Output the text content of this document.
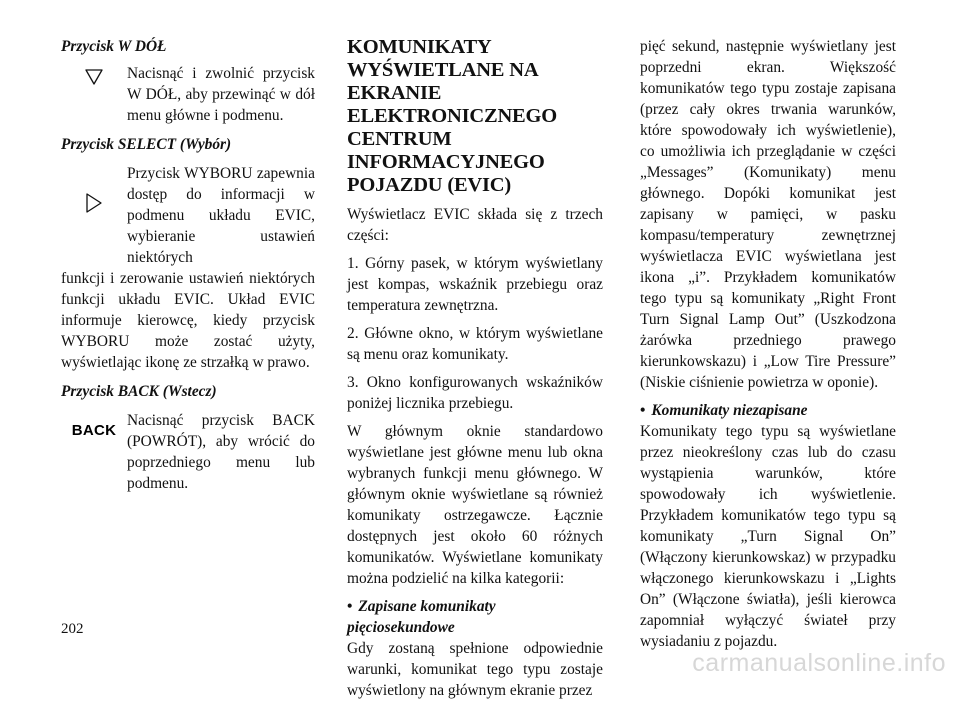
Przycisk W DÓŁ

Nacisnąć i zwolnić przycisk W DÓŁ, aby przewinąć w dół menu główne i podmenu.

Przycisk SELECT (Wybór)

Przycisk WYBORU zapewnia dostęp do informacji w podmenu układu EVIC, wybieranie ustawień niektórych

funkcji i zerowanie ustawień niektórych funkcji układu EVIC. Układ EVIC informuje kierowcę, kiedy przycisk WYBORU może zostać użyty, wyświetlając ikonę ze strzałką w prawo.

Przycisk BACK (Wstecz)

BACK

Nacisnąć przycisk BACK (POWRÓT), aby wrócić do poprzedniego menu lub podmenu.

KOMUNIKATY WYŚWIETLANE NA EKRANIE ELEKTRONICZNEGO CENTRUM INFORMACYJNEGO POJAZDU (EVIC)

Wyświetlacz EVIC składa się z trzech części:

1. Górny pasek, w którym wyświetlany jest kompas, wskaźnik przebiegu oraz temperatura zewnętrzna.

2. Główne okno, w którym wyświetlane są menu oraz komunikaty.

3. Okno konfigurowanych wskaźników poniżej licznika przebiegu.

W głównym oknie standardowo wyświetlane jest główne menu lub okna wybranych funkcji menu głównego. W głównym oknie wyświetlane są również komunikaty ostrzegawcze. Łącznie dostępnych jest około 60 różnych komunikatów. Wyświetlane komunikaty można podzielić na kilka kategorii:

• Zapisane komunikaty pięciosekundowe

Gdy zostaną spełnione odpowiednie warunki, komunikat tego typu zostaje wyświetlony na głównym ekranie przez

pięć sekund, następnie wyświetlany jest poprzedni ekran. Większość komunikatów tego typu zostaje zapisana (przez cały okres trwania warunków, które spowodowały ich wyświetlenie), co umożliwia ich przeglądanie w części „Messages” (Komunikaty) menu głównego. Dopóki komunikat jest zapisany w pamięci, w pasku kompasu/temperatury zewnętrznej wyświetlacza EVIC wyświetlana jest ikona „i”. Przykładem komunikatów tego typu są komunikaty „Right Front Turn Signal Lamp Out” (Uszkodzona żarówka przedniego prawego kierunkowskazu) i „Low Tire Pressure” (Niskie ciśnienie powietrza w oponie).

• Komunikaty niezapisane

Komunikaty tego typu są wyświetlane przez nieokreślony czas lub do czasu wystąpienia warunków, które spowodowały ich wyświetlenie. Przykładem komunikatów tego typu są komunikaty „Turn Signal On” (Włączony kierunkowskaz) w przypadku włączonego kierunkowskazu i „Lights On” (Włączone światła), jeśli kierowca zapomniał wyłączyć świateł przy wysiadaniu z pojazdu.

202
carmanualsonline.info
